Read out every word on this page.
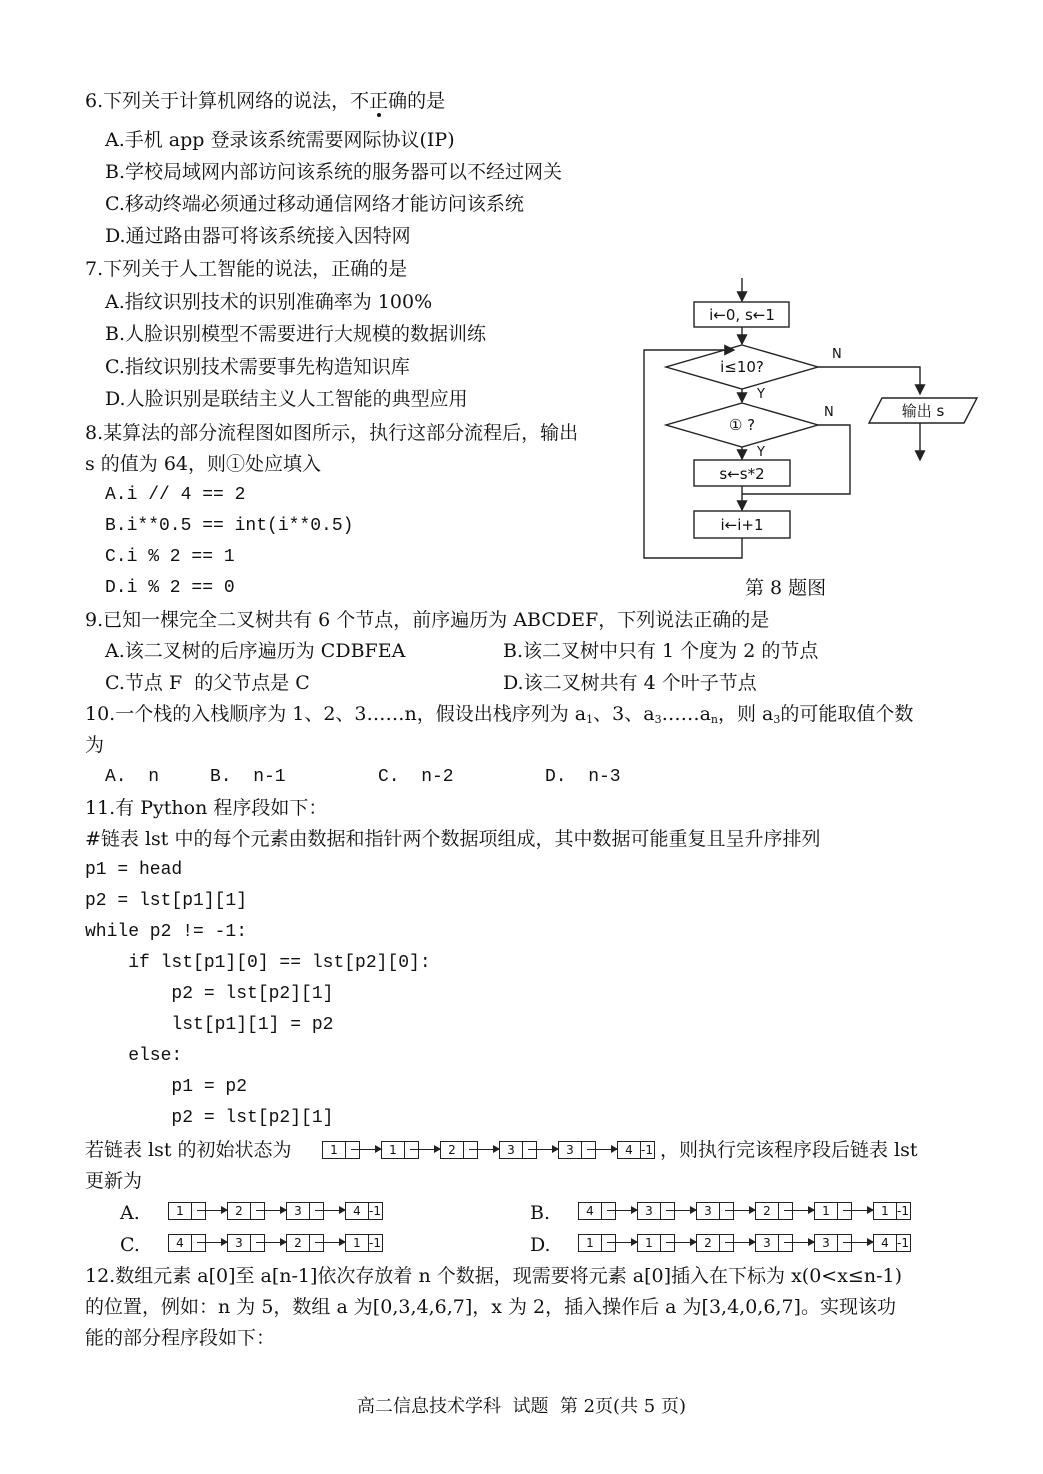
6.下列关于计算机网络的说法，不正确的是
A.手机 app 登录该系统需要网际协议(IP)
B.学校局域网内部访问该系统的服务器可以不经过网关
C.移动终端必须通过移动通信网络才能访问该系统
D.通过路由器可将该系统接入因特网
7.下列关于人工智能的说法，正确的是
A.指纹识别技术的识别准确率为 100%
B.人脸识别模型不需要进行大规模的数据训练
C.指纹识别技术需要事先构造知识库
D.人脸识别是联结主义人工智能的典型应用
8.某算法的部分流程图如图所示，执行这部分流程后，输出
s 的值为 64，则①处应填入
A.i // 4 == 2
B.i**0.5 == int(i**0.5)
C.i % 2 == 1
D.i % 2 == 0
i←0, s←1
i≤10?
① ?
s←s*2
i←i+1
输出 s
Y
Y
N
N
第 8 题图
9.已知一棵完全二叉树共有 6 个节点，前序遍历为 ABCDEF，下列说法正确的是
A.该二叉树的后序遍历为 CDBFEA	B.该二叉树中只有 1 个度为 2 的节点
C.节点 F  的父节点是 C	D.该二叉树共有 4 个叶子节点
10.一个栈的入栈顺序为 1、2、3……n，假设出栈序列为 $a_1$、3、$a_3\dots\dots a_n$，则 $a_3$的可能取值个数
为
A.  n	B.  n-1	C.  n-2	D.  n-3
11.有 Python 程序段如下：
#链表 lst 中的每个元素由数据和指针两个数据项组成，其中数据可能重复且呈升序排列
p1 = head
p2 = lst[p1][1]
while p2 != -1:
if lst[p1][0] == lst[p2][0]:
p2 = lst[p2][1]
lst[p1][1] = p2
else:
p1 = p2
p2 = lst[p2][1]
若链表 lst 的初始状态为	1	1	2	3	3	4 -1 ，则执行完该程序段后链表 lst
更新为
A.	1	2	3	4 -1	B.	4	3	3	2	1	1 -1
C.	4	3	2	1 -1	D.	1	1	2	3	3	4 -1
12.数组元素 a[0]至 a[n-1]依次存放着 n 个数据，现需要将元素 a[0]插入在下标为 x(0<x≤n-1)
的位置，例如：n 为 5，数组 a 为[0,3,4,6,7]，x 为 2，插入操作后 a 为[3,4,0,6,7]。实现该功
能的部分程序段如下：
高二信息技术学科  试题  第 2页(共 5 页)
